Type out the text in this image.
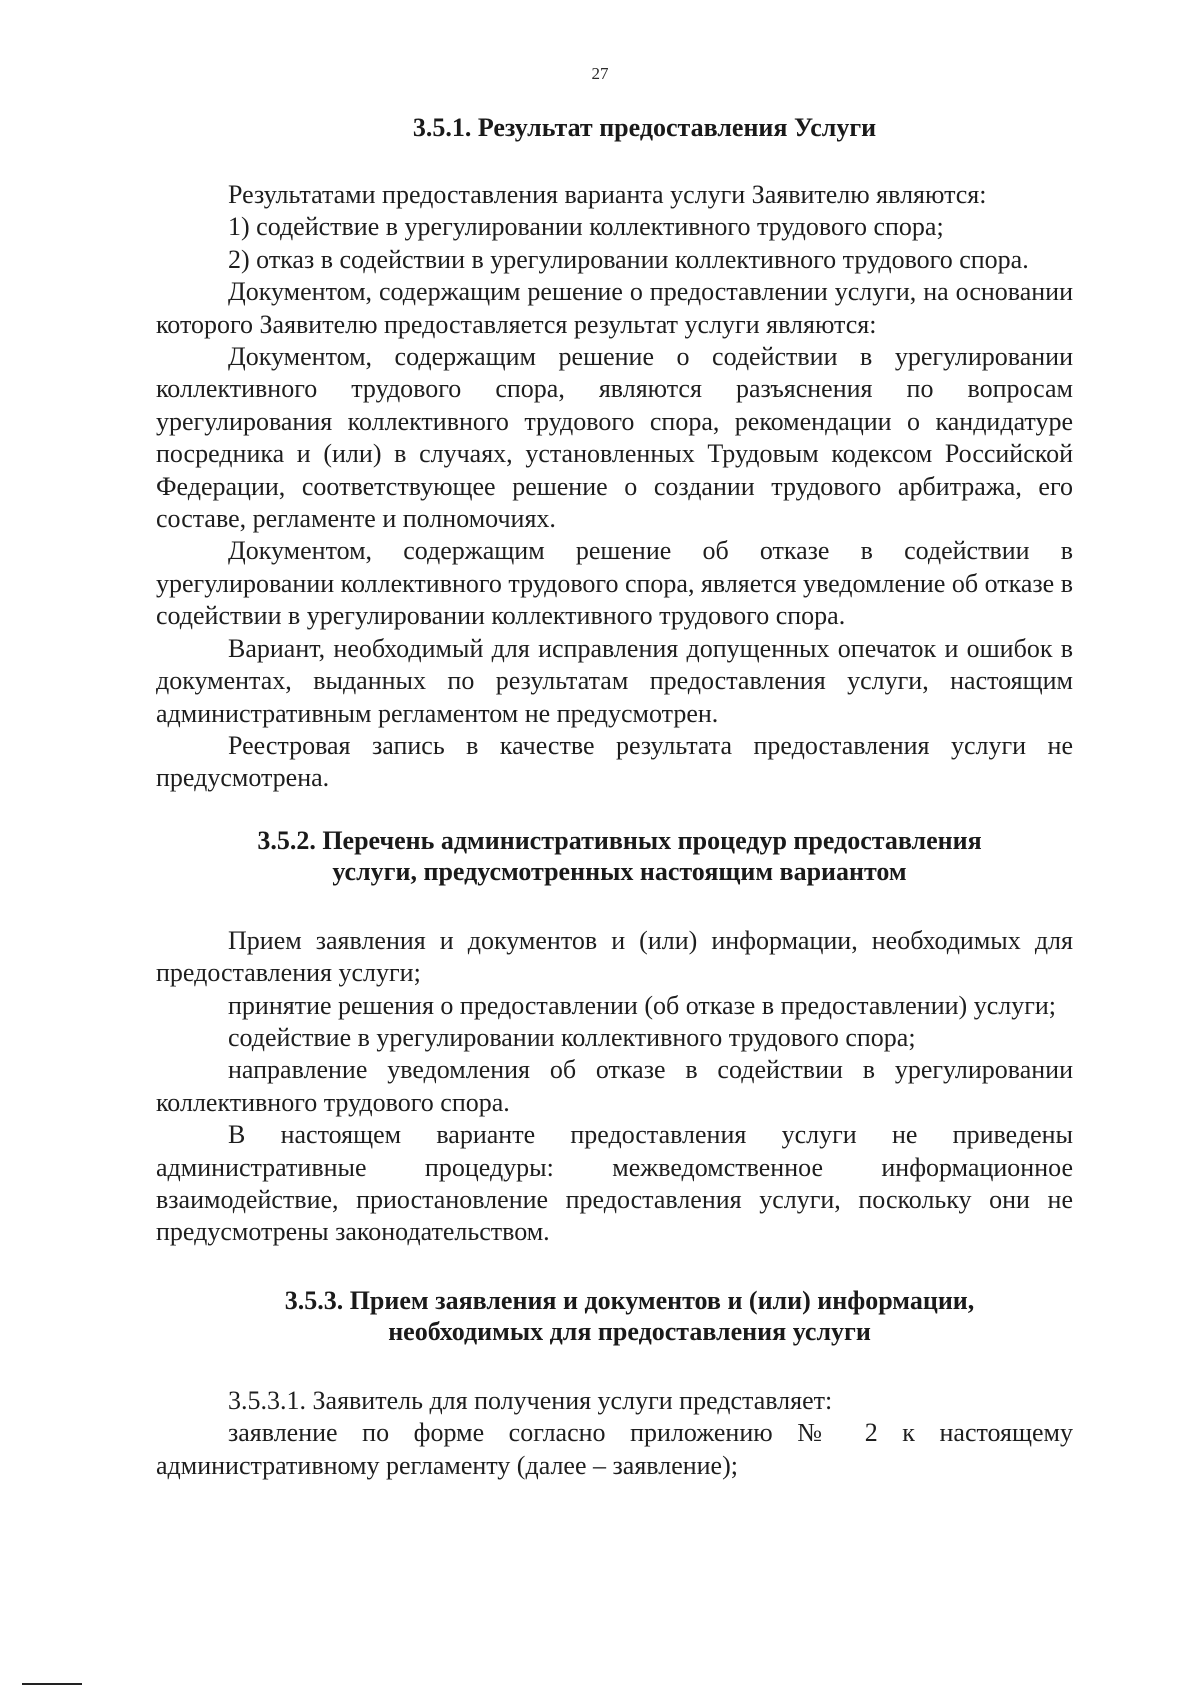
27
3.5.1. Результат предоставления Услуги

Результатами предоставления варианта услуги Заявителю являются:

1) содействие в урегулировании коллективного трудового спора;

2) отказ в содействии в урегулировании коллективного трудового спора.

Документом, содержащим решение о предоставлении услуги, на основании которого Заявителю предоставляется результат услуги являются:

Документом, содержащим решение о содействии в урегулировании коллективного трудового спора, являются разъяснения по вопросам урегулирования коллективного трудового спора, рекомендации о кандидатуре посредника и (или) в случаях, установленных Трудовым кодексом Российской Федерации, соответствующее решение о создании трудового арбитража, его составе, регламенте и полномочиях.

Документом, содержащим решение об отказе в содействии в урегулировании коллективного трудового спора, является уведомление об отказе в содействии в урегулировании коллективного трудового спора.

Вариант, необходимый для исправления допущенных опечаток и ошибок в документах, выданных по результатам предоставления услуги, настоящим административным регламентом не предусмотрен.

Реестровая запись в качестве результата предоставления услуги не предусмотрена.

3.5.2. Перечень административных процедур предоставления
услуги, предусмотренных настоящим вариантом

Прием заявления и документов и (или) информации, необходимых для предоставления услуги;

принятие решения о предоставлении (об отказе в предоставлении) услуги;

содействие в урегулировании коллективного трудового спора;

направление уведомления об отказе в содействии в урегулировании коллективного трудового спора.

В настоящем варианте предоставления услуги не приведены административные процедуры: межведомственное информационное взаимодействие, приостановление предоставления услуги, поскольку они не предусмотрены законодательством.

3.5.3. Прием заявления и документов и (или) информации,
необходимых для предоставления услуги

3.5.3.1. Заявитель для получения услуги представляет:

заявление по форме согласно приложению № 2 к настоящему административному регламенту (далее – заявление);
